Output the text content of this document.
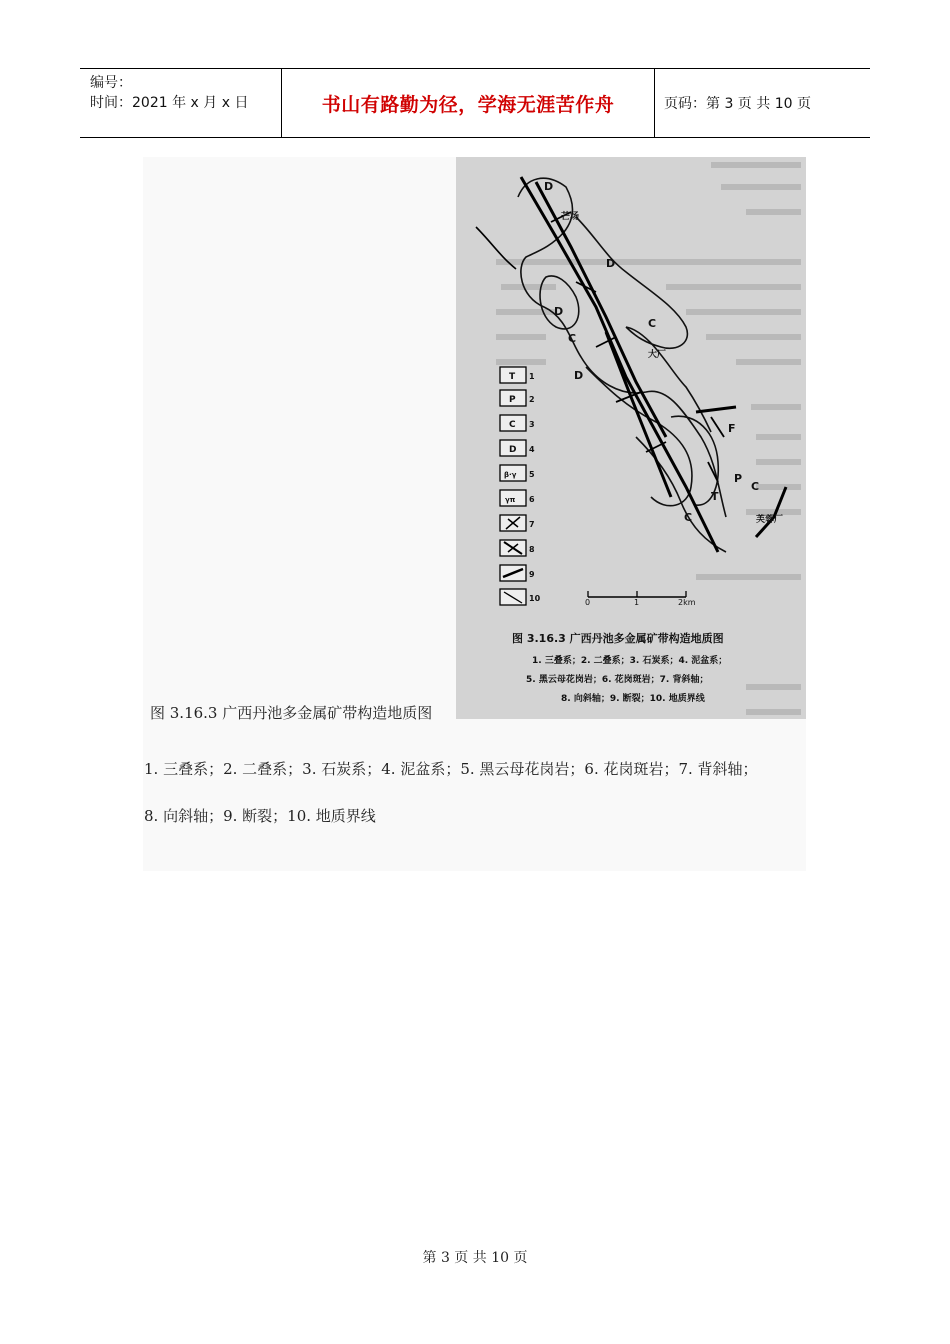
编号：
时间：2021 年 x 月 x 日	书山有路勤为径，学海无涯苦作舟	页码：第 3 页 共 10 页
D
芒场
D
D
C
C
大厂
D
F
P
C
T
C	芙蓉厂
T 1
P 2
C 3
D 4
β·γ 5
γπ 6
7
8
9
10	0	1	2km
图 3.16.3 广西丹池多金属矿带构造地质图
1. 三叠系；2. 二叠系；3. 石炭系；4. 泥盆系；
5. 黑云母花岗岩；6. 花岗斑岩；7. 背斜轴；
8. 向斜轴；9. 断裂；10. 地质界线
图 3.16.3 广西丹池多金属矿带构造地质图
1. 三叠系；2. 二叠系；3. 石炭系；4. 泥盆系；5. 黑云母花岗岩；6. 花岗斑岩；7. 背斜轴；
8. 向斜轴；9. 断裂；10. 地质界线
第 3 页 共 10 页
